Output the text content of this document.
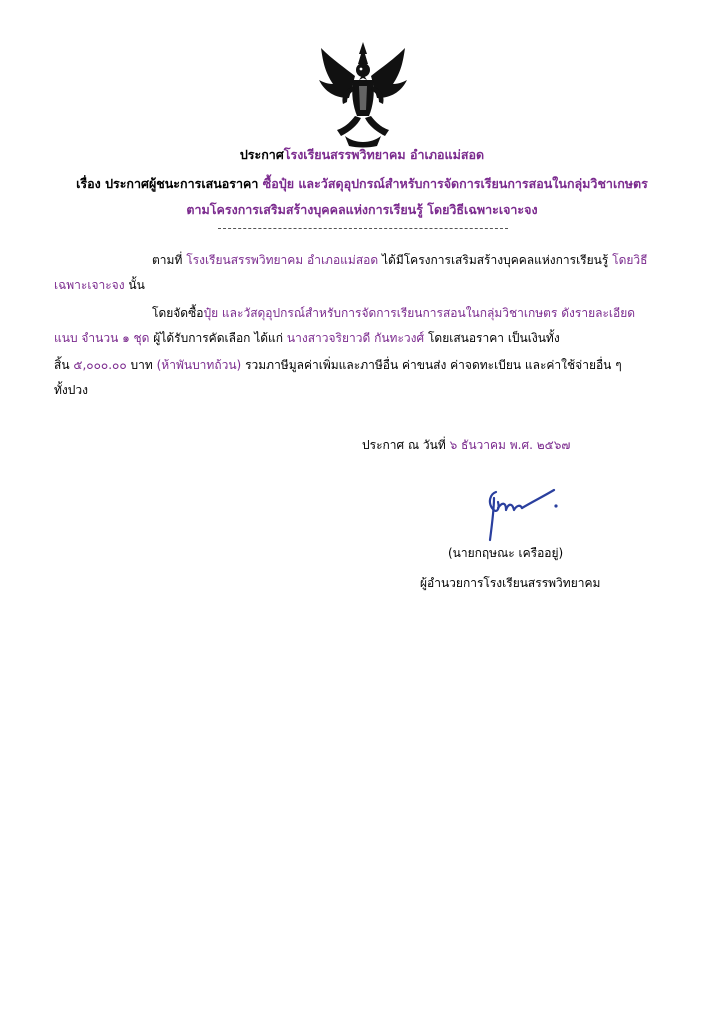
ประกาศโรงเรียนสรรพวิทยาคม อำเภอแม่สอด
เรื่อง ประกาศผู้ชนะการเสนอราคา ซื้อปุ๋ย และวัสดุอุปกรณ์สำหรับการจัดการเรียนการสอนในกลุ่มวิชาเกษตร
ตามโครงการเสริมสร้างบุคคลแห่งการเรียนรู้ โดยวิธีเฉพาะเจาะจง
ตามที่ โรงเรียนสรรพวิทยาคม อำเภอแม่สอด ได้มีโครงการเสริมสร้างบุคคลแห่งการเรียนรู้ โดยวิธี
เฉพาะเจาะจง นั้น
โดยจัดซื้อปุ๋ย และวัสดุอุปกรณ์สำหรับการจัดการเรียนการสอนในกลุ่มวิชาเกษตร ดังรายละเอียด
แนบ จำนวน ๑ ชุด ผู้ได้รับการคัดเลือก ได้แก่ นางสาวจริยาวดี กันทะวงศ์ โดยเสนอราคา เป็นเงินทั้ง
สิ้น ๕,๐๐๐.๐๐ บาท (ห้าพันบาทถ้วน) รวมภาษีมูลค่าเพิ่มและภาษีอื่น ค่าขนส่ง ค่าจดทะเบียน และค่าใช้จ่ายอื่น ๆ
ทั้งปวง
ประกาศ ณ วันที่ ๖ ธันวาคม พ.ศ. ๒๕๖๗
(นายกฤษณะ เครืออยู่)
ผู้อำนวยการโรงเรียนสรรพวิทยาคม
